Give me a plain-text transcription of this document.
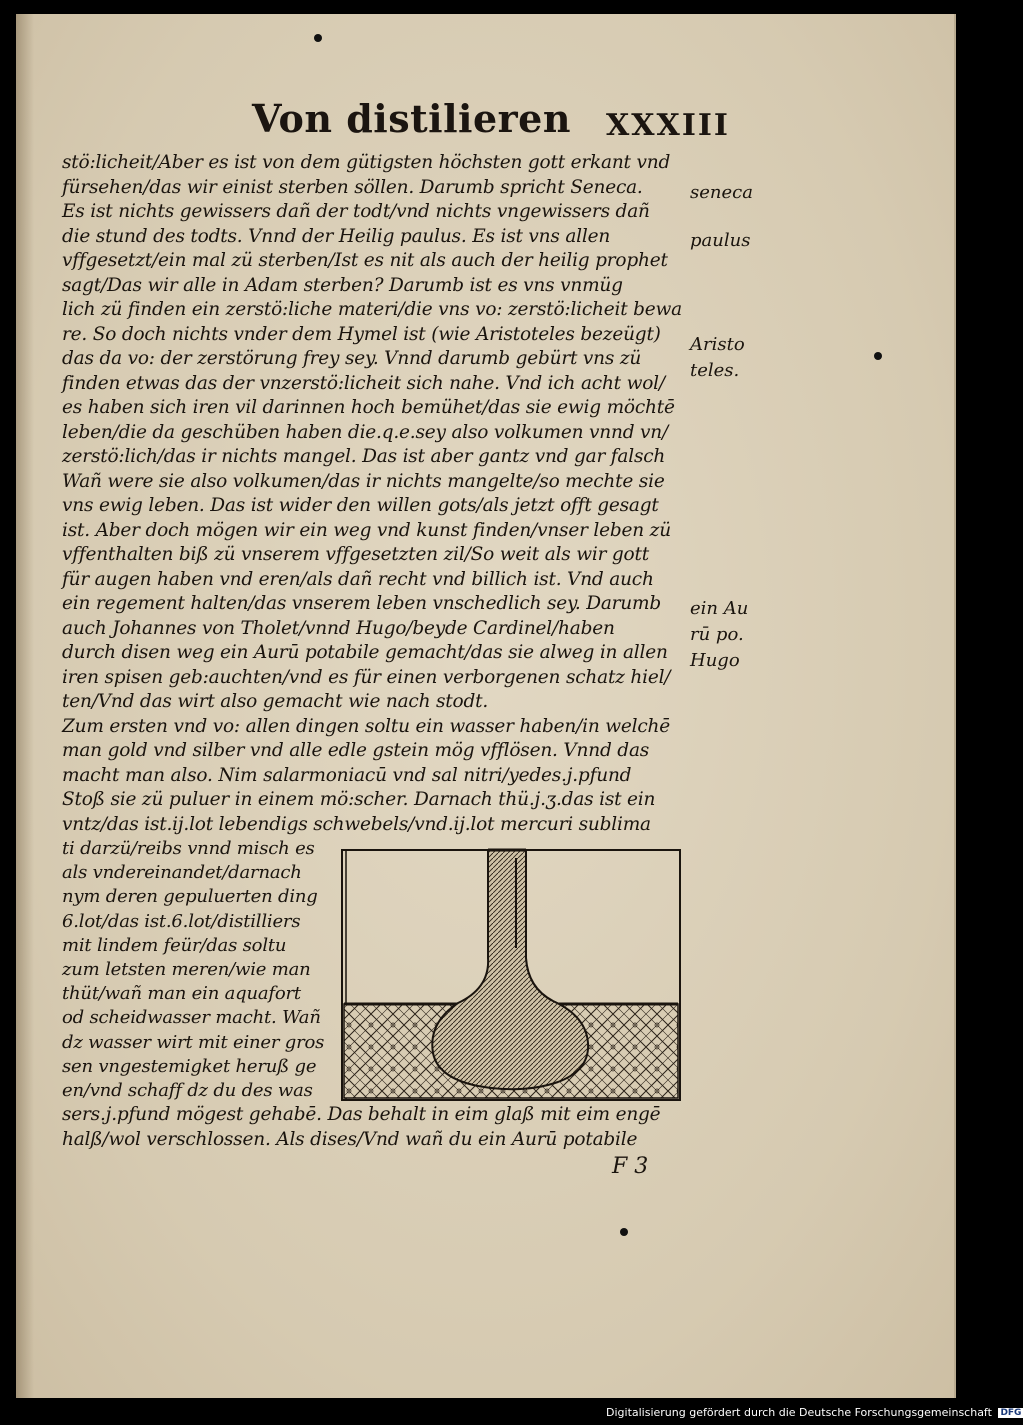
Von distilieren XXXIII
stö:licheit/Aber es ist von dem gütigsten höchsten gott erkant vnd
fürsehen/das wir einist sterben söllen. Darumb spricht Seneca.
Es ist nichts gewissers dañ der todt/vnd nichts vngewissers dañ
die stund des todts. Vnnd der Heilig paulus. Es ist vns allen
vffgesetzt/ein mal zü sterben/Ist es nit als auch der heilig prophet
sagt/Das wir alle in Adam sterben? Darumb ist es vns vnmüg
lich zü finden ein zerstö:liche materi/die vns vo: zerstö:licheit bewa
re. So doch nichts vnder dem Hymel ist (wie Aristoteles bezeügt)
das da vo: der zerstörung frey sey. Vnnd darumb gebürt vns zü
finden etwas das der vnzerstö:licheit sich nahe. Vnd ich acht wol/
es haben sich iren vil darinnen hoch bemühet/das sie ewig möchtē
leben/die da geschüben haben die.q.e.sey also volkumen vnnd vn/
zerstö:lich/das ir nichts mangel. Das ist aber gantz vnd gar falsch
Wañ were sie also volkumen/das ir nichts mangelte/so mechte sie
vns ewig leben. Das ist wider den willen gots/als jetzt offt gesagt
ist. Aber doch mögen wir ein weg vnd kunst finden/vnser leben zü
vffenthalten biß zü vnserem vffgesetzten zil/So weit als wir gott
für augen haben vnd eren/als dañ recht vnd billich ist. Vnd auch
ein regement halten/das vnserem leben vnschedlich sey. Darumb
auch Johannes von Tholet/vnnd Hugo/beyde Cardinel/haben
durch disen weg ein Aurū potabile gemacht/das sie alweg in allen
iren spisen geb:auchten/vnd es für einen verborgenen schatz hiel/
ten/Vnd das wirt also gemacht wie nach stodt.
Zum ersten vnd vo: allen dingen soltu ein wasser haben/in welchē
man gold vnd silber vnd alle edle gstein mög vfflösen. Vnnd das
macht man also. Nim salarmoniacū vnd sal nitri/yedes.j.pfund
Stoß sie zü puluer in einem mö:scher. Darnach thü.j.ʒ.das ist ein
vntz/das ist.ij.lot lebendigs schwebels/vnd.ij.lot mercuri sublima
ti darzü/reibs vnnd misch es
als vndereinandet/darnach
nym deren gepuluerten ding
6.lot/das ist.6.lot/distilliers
mit lindem feür/das soltu
zum letsten meren/wie man
thüt/wañ man ein aquafort
od scheidwasser macht. Wañ
dz wasser wirt mit einer gros
sen vngestemigket heruß ge
en/vnd schaff dz du des was
sers.j.pfund mögest gehabē. Das behalt in eim glaß mit eim engē
halß/wol verschlossen. Als dises/Vnd wañ du ein Aurū potabile
seneca
paulus
Aristo
teles.
ein Au
rū po.
Hugo
F 3
Digitalisierung gefördert durch die Deutsche Forschungsgemeinschaft DFG
